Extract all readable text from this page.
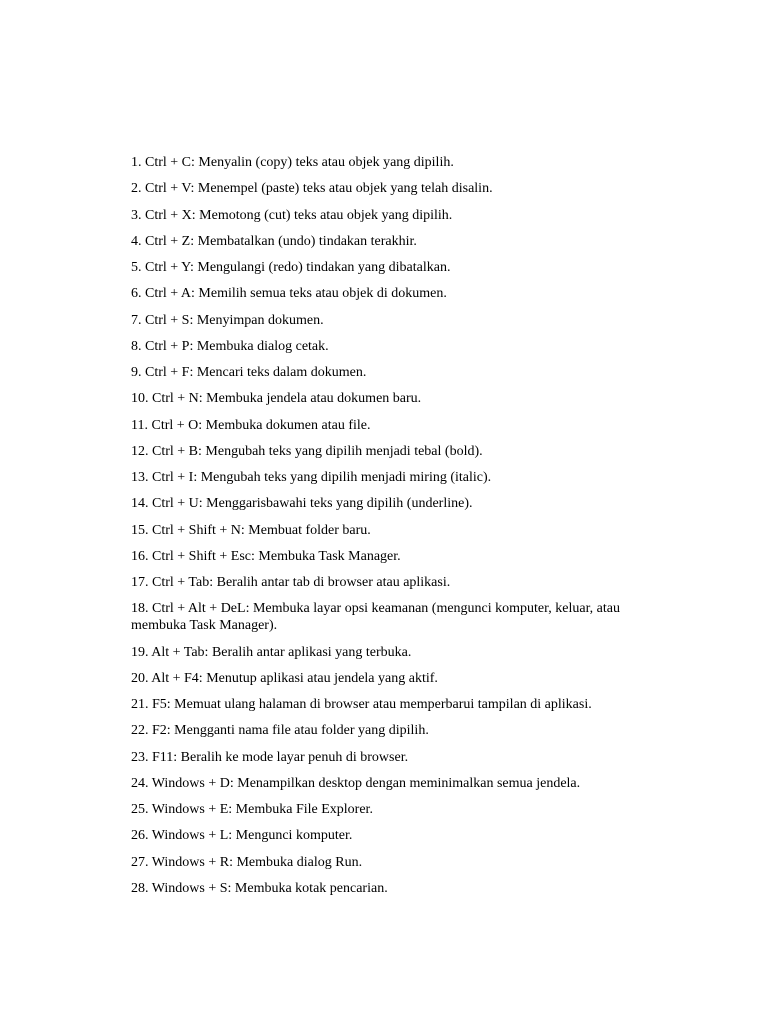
1. Ctrl + C: Menyalin (copy) teks atau objek yang dipilih.
2. Ctrl + V: Menempel (paste) teks atau objek yang telah disalin.
3. Ctrl + X: Memotong (cut) teks atau objek yang dipilih.
4. Ctrl + Z: Membatalkan (undo) tindakan terakhir.
5. Ctrl + Y: Mengulangi (redo) tindakan yang dibatalkan.
6. Ctrl + A: Memilih semua teks atau objek di dokumen.
7. Ctrl + S: Menyimpan dokumen.
8. Ctrl + P: Membuka dialog cetak.
9. Ctrl + F: Mencari teks dalam dokumen.
10. Ctrl + N: Membuka jendela atau dokumen baru.
11. Ctrl + O: Membuka dokumen atau file.
12. Ctrl + B: Mengubah teks yang dipilih menjadi tebal (bold).
13. Ctrl + I: Mengubah teks yang dipilih menjadi miring (italic).
14. Ctrl + U: Menggarisbawahi teks yang dipilih (underline).
15. Ctrl + Shift + N: Membuat folder baru.
16. Ctrl + Shift + Esc: Membuka Task Manager.
17. Ctrl + Tab: Beralih antar tab di browser atau aplikasi.
18. Ctrl + Alt + DeL: Membuka layar opsi keamanan (mengunci komputer, keluar, atau membuka Task Manager).
19. Alt + Tab: Beralih antar aplikasi yang terbuka.
20. Alt + F4: Menutup aplikasi atau jendela yang aktif.
21. F5: Memuat ulang halaman di browser atau memperbarui tampilan di aplikasi.
22. F2: Mengganti nama file atau folder yang dipilih.
23. F11: Beralih ke mode layar penuh di browser.
24. Windows + D: Menampilkan desktop dengan meminimalkan semua jendela.
25. Windows + E: Membuka File Explorer.
26. Windows + L: Mengunci komputer.
27. Windows + R: Membuka dialog Run.
28. Windows + S: Membuka kotak pencarian.
